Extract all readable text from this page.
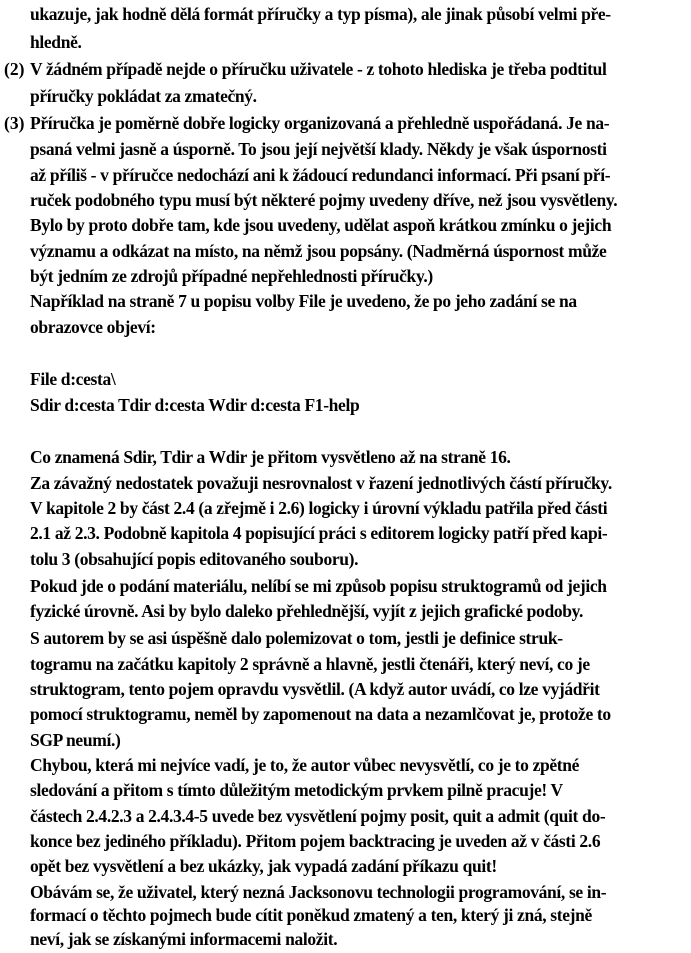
ukazuje, jak hodně dělá formát příručky a typ písma), ale jinak působí velmi pře-
hledně.
(2) V žádném případě nejde o příručku uživatele - z tohoto hlediska je třeba podtitul
příručky pokládat za zmatečný.
(3) Příručka je poměrně dobře logicky organizovaná a přehledně uspořádaná. Je na-
psaná velmi jasně a úsporně. To jsou její největší klady. Někdy je však úspornosti
až příliš - v příručce nedochází ani k žádoucí redundanci informací. Při psaní pří-
ruček podobného typu musí být některé pojmy uvedeny dříve, než jsou vysvětleny.
Bylo by proto dobře tam, kde jsou uvedeny, udělat aspoň krátkou zmínku o jejich
významu a odkázat na místo, na němž jsou popsány. (Nadměrná úspornost může
být jedním ze zdrojů případné nepřehlednosti příručky.)
Například na straně 7 u popisu volby File je uvedeno, že po jeho zadání se na
obrazovce objeví:
File d:cesta\
Sdir d:cesta Tdir d:cesta Wdir d:cesta F1-help
Co znamená Sdir, Tdir a Wdir je přitom vysvětleno až na straně 16.
Za závažný nedostatek považuji nesrovnalost v řazení jednotlivých částí příručky.
V kapitole 2 by část 2.4 (a zřejmě i 2.6) logicky i úrovní výkladu patřila před části
2.1 až 2.3. Podobně kapitola 4 popisující práci s editorem logicky patří před kapi-
tolu 3 (obsahující popis editovaného souboru).
Pokud jde o podání materiálu, nelíbí se mi způsob popisu struktogramů od jejich
fyzické úrovně. Asi by bylo daleko přehlednější, vyjít z jejich grafické podoby.
S autorem by se asi úspěšně dalo polemizovat o tom, jestli je definice struk-
togramu na začátku kapitoly 2 správně a hlavně, jestli čtenáři, který neví, co je
struktogram, tento pojem opravdu vysvětlil. (A když autor uvádí, co lze vyjádřit
pomocí struktogramu, neměl by zapomenout na data a nezamlčovat je, protože to
SGP neumí.)
Chybou, která mi nejvíce vadí, je to, že autor vůbec nevysvětlí, co je to zpětné
sledování a přitom s tímto důležitým metodickým prvkem pilně pracuje! V
částech 2.4.2.3 a 2.4.3.4-5 uvede bez vysvětlení pojmy posit, quit a admit (quit do-
konce bez jediného příkladu). Přitom pojem backtracing je uveden až v části 2.6
opět bez vysvětlení a bez ukázky, jak vypadá zadání příkazu quit!
Obávám se, že uživatel, který nezná Jacksonovu technologii programování, se in-
formací o těchto pojmech bude cítit poněkud zmatený a ten, který ji zná, stejně
neví, jak se získanými informacemi naložit.
